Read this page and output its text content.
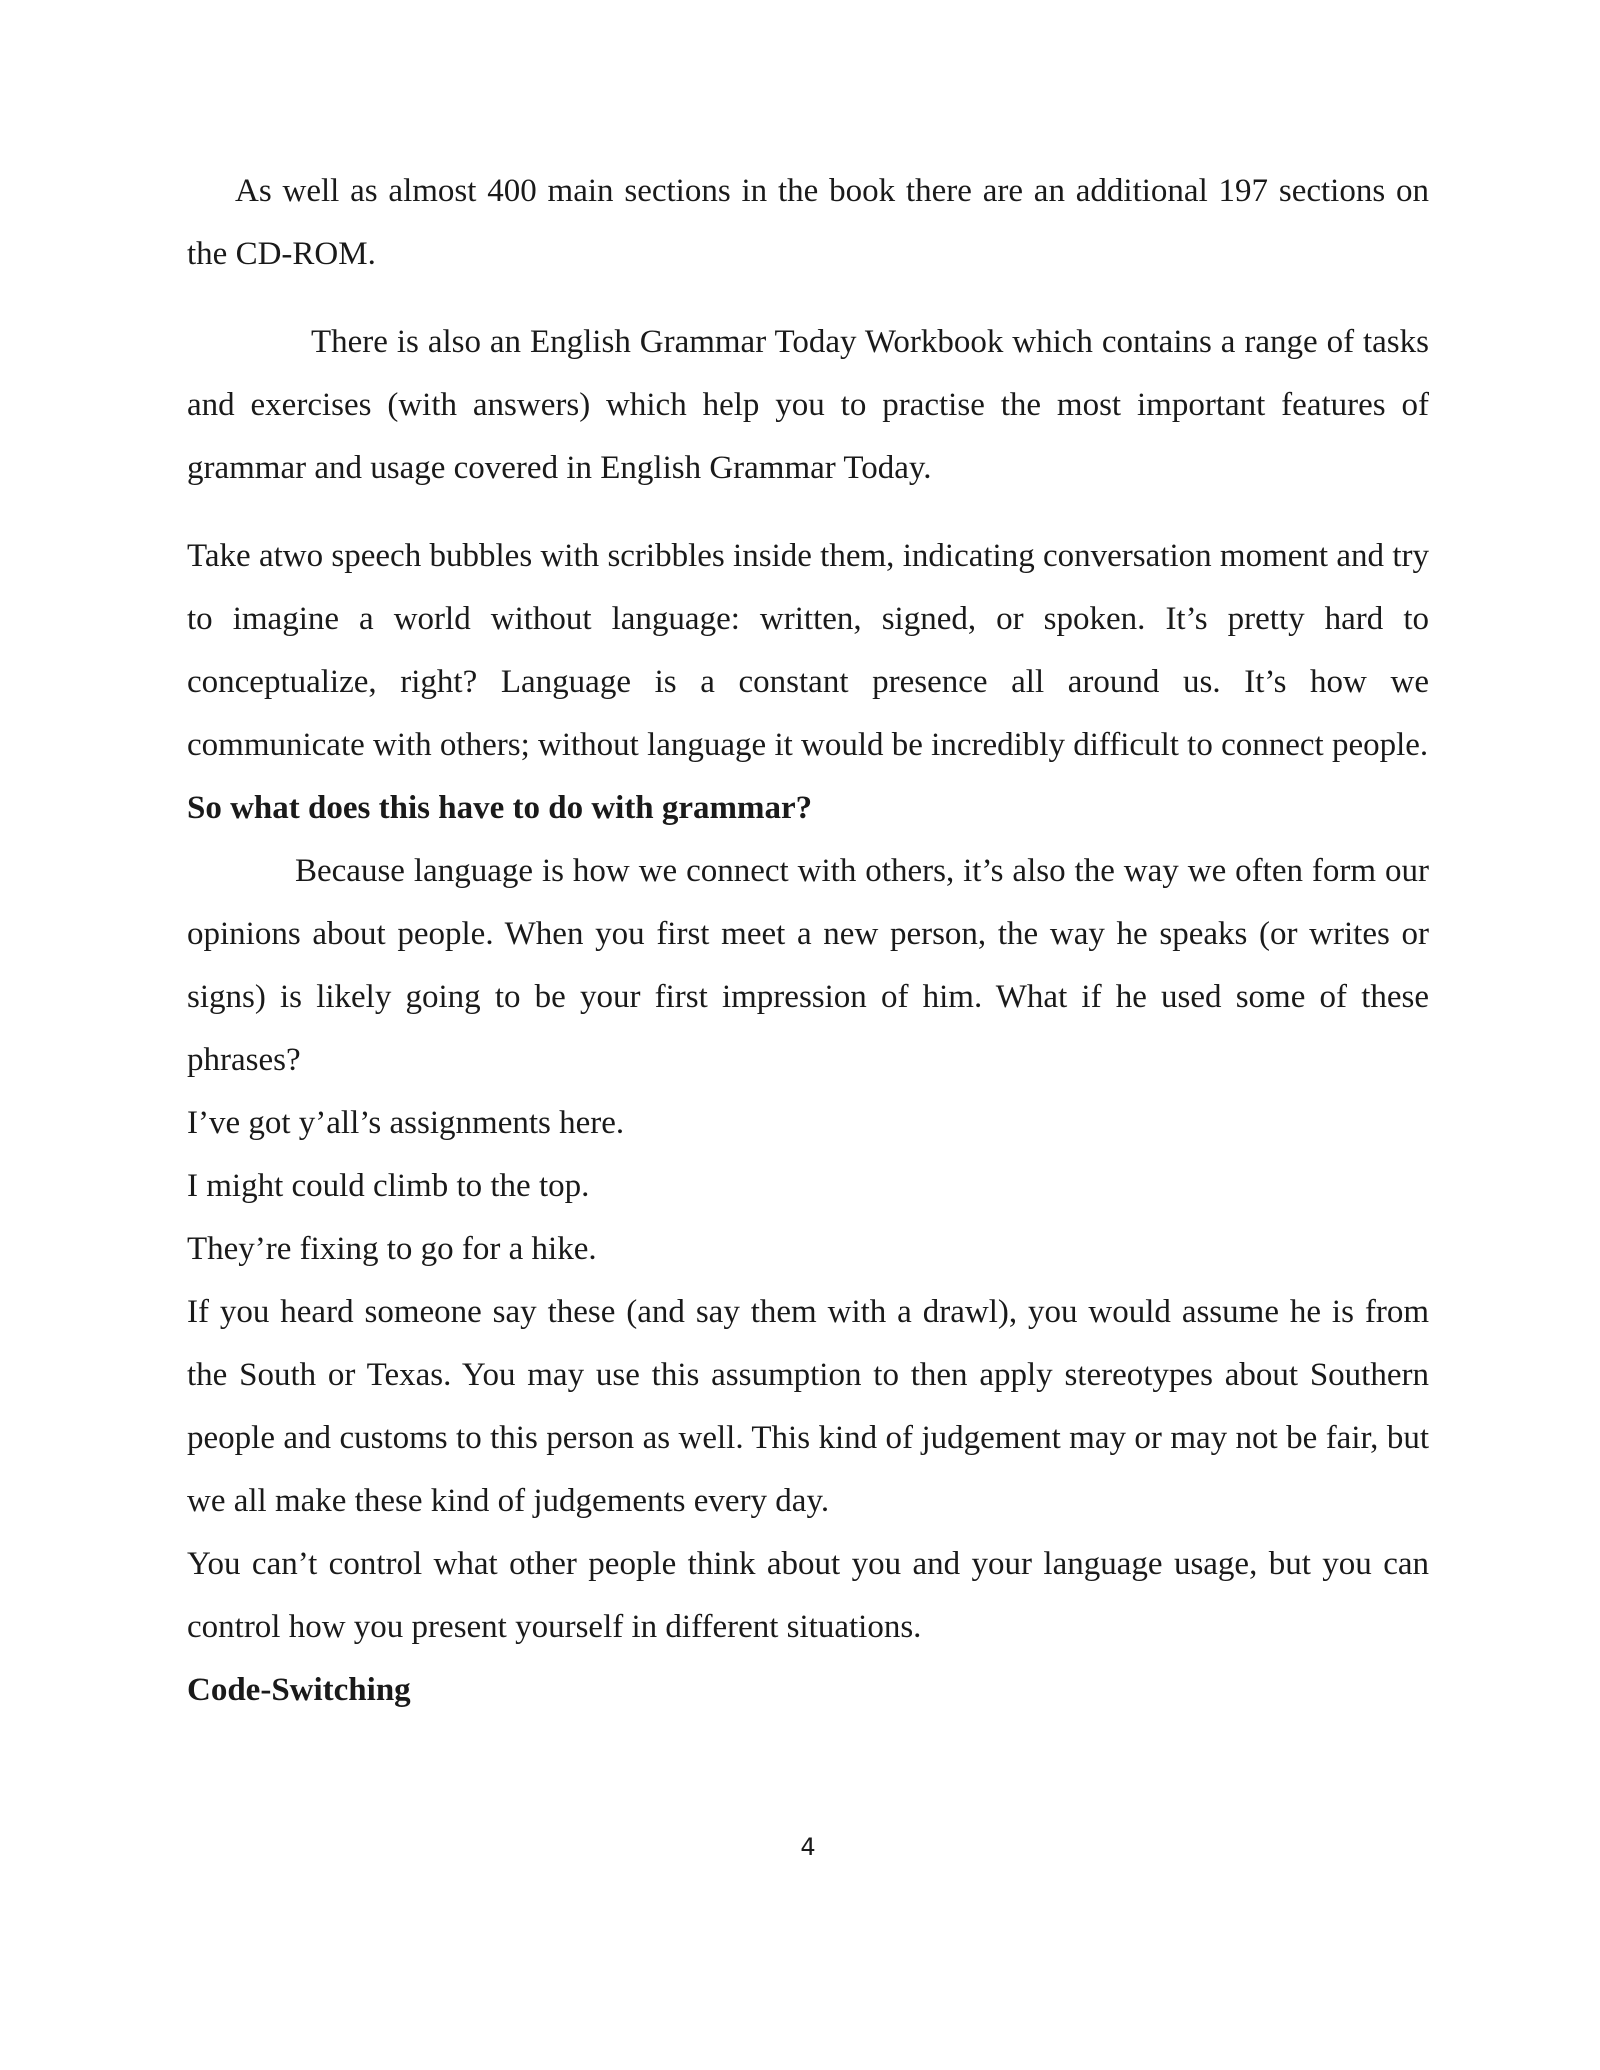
As well as almost 400 main sections in the book there are an additional 197 sections on the CD-ROM.

There is also an English Grammar Today Workbook which contains a range of tasks and exercises (with answers) which help you to practise the most important features of grammar and usage covered in English Grammar Today.

Take atwo speech bubbles with scribbles inside them, indicating conversation moment and try to imagine a world without language: written, signed, or spoken. It’s pretty hard to conceptualize, right? Language is a constant presence all around us. It’s how we communicate with others; without language it would be incredibly difficult to connect people.

So what does this have to do with grammar?

Because language is how we connect with others, it’s also the way we often form our opinions about people. When you first meet a new person, the way he speaks (or writes or signs) is likely going to be your first impression of him. What if he used some of these phrases?

I’ve got y’all’s assignments here.

I might could climb to the top.

They’re fixing to go for a hike.

If you heard someone say these (and say them with a drawl), you would assume he is from the South or Texas. You may use this assumption to then apply stereotypes about Southern people and customs to this person as well. This kind of judgement may or may not be fair, but we all make these kind of judgements every day.

You can’t control what other people think about you and your language usage, but you can control how you present yourself in different situations.

Code-Switching

4
